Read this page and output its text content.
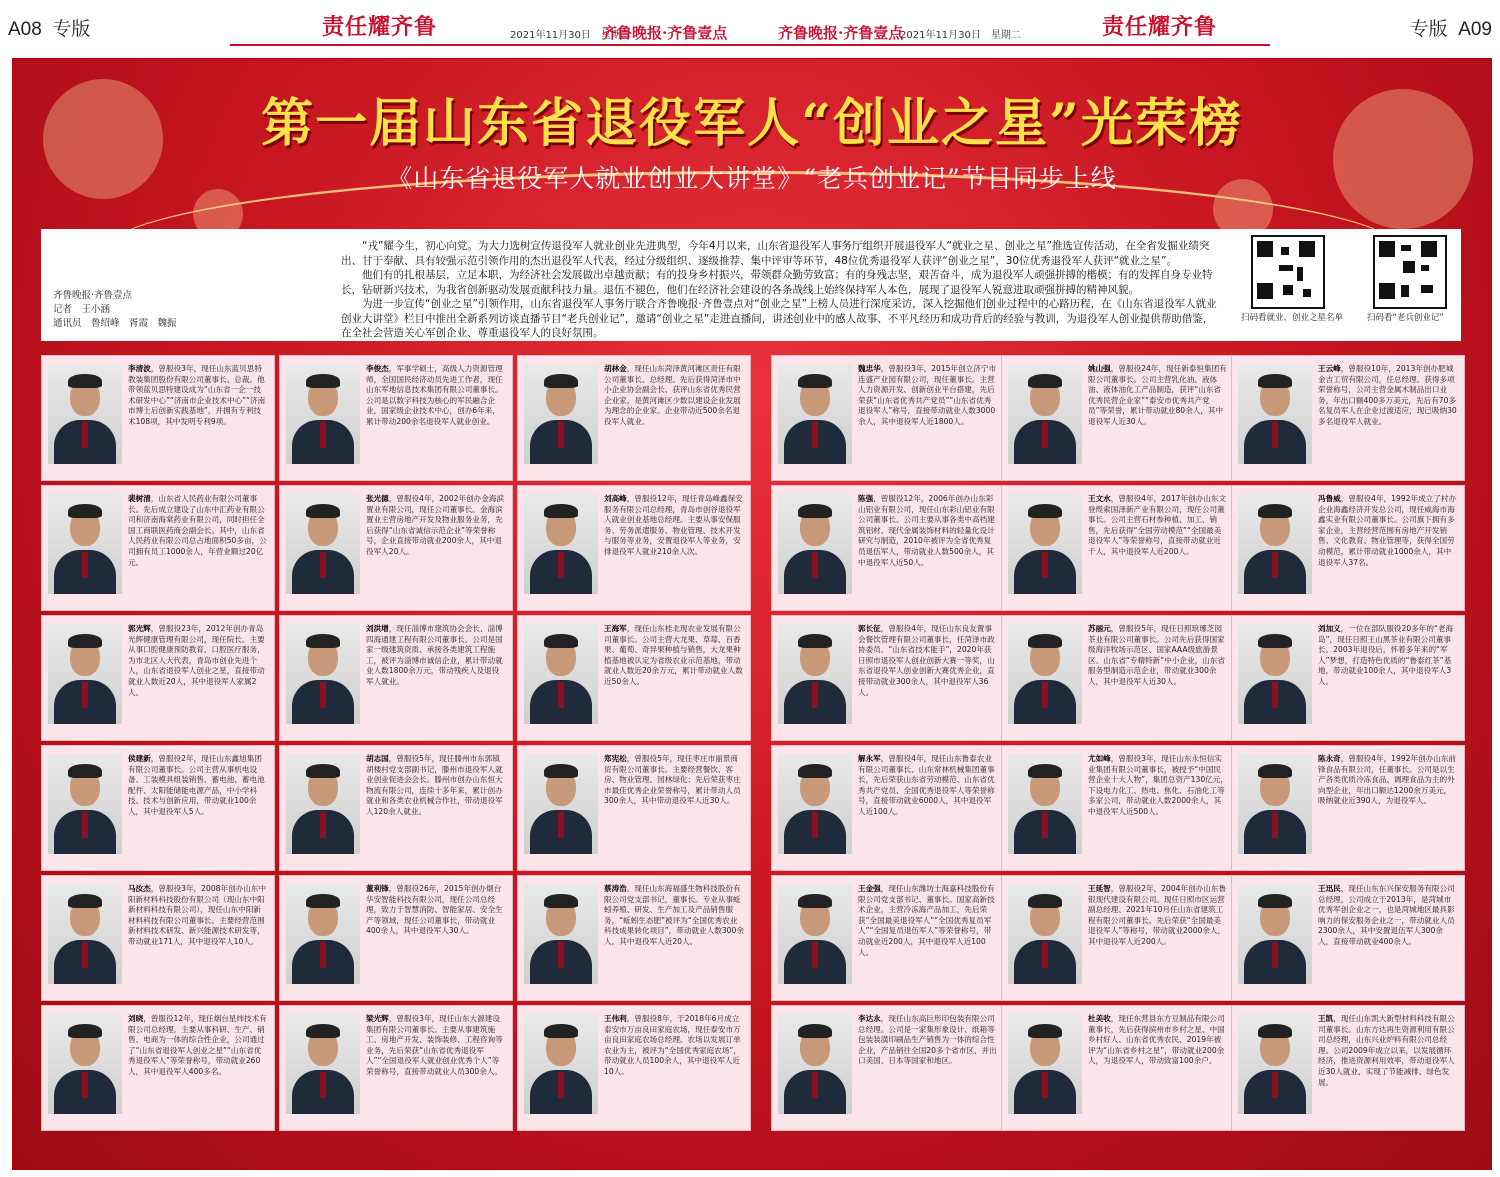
A08 专版	责任耀齐鲁	2021年11月30日　星期二
齐鲁晚报·齐鲁壹点	齐鲁晚报·齐鲁壹点
2021年11月30日　星期二	责任耀齐鲁	专版 A09
第一届山东省退役军人“创业之星”光荣榜
《山东省退役军人就业创业大讲堂》“老兵创业记”节目同步上线
齐鲁晚报·齐鲁壹点
记者　王小涵
通讯员　鲁绍峰　胥霞　魏振

“戎”耀今生，初心向党。为大力选树宣传退役军人就业创业先进典型，今年4月以来，山东省退役军人事务厅组织开展退役军人“就业之星、创业之星”推选宣传活动，在全省发掘业绩突出、甘于奉献、具有较强示范引领作用的杰出退役军人代表，经过分级组织、逐级推荐、集中评审等环节，48位优秀退役军人获评“创业之星”，30位优秀退役军人获评“就业之星”。

他们有的扎根基层，立足本职，为经济社会发展做出卓越贡献；有的投身乡村振兴，带领群众勤劳致富；有的身残志坚，艰苦奋斗，成为退役军人顽强拼搏的楷模；有的发挥自身专业特长，钻研新兴技术，为我省创新驱动发展贡献科技力量。退伍不褪色，他们在经济社会建设的各条战线上始终保持军人本色，展现了退役军人锐意进取顽强拼搏的精神风貌。

为进一步宣传“创业之星”引领作用，山东省退役军人事务厅联合齐鲁晚报·齐鲁壹点对“创业之星”上榜人员进行深度采访，深入挖掘他们创业过程中的心路历程，在《山东省退役军人就业创业大讲堂》栏目中推出全新系列访谈直播节目“老兵创业记”，邀请“创业之星”走进直播间，讲述创业中的感人故事、不平凡经历和成功背后的经验与教训，为退役军人创业提供帮助借鉴，在全社会营造关心军创企业、尊重退役军人的良好氛围。

扫码看就业、创业之星名单	扫码看“老兵创业记”
李清波，曾服役3年，现任山东蓝贝思特教装集团股份有限公司董事长、总裁。他带领蓝贝思特建设成为“山东省一企一技术研发中心”“济南市企业技术中心”“济南市博士后创新实践基地”，并拥有专利技术108项，其中发明专利9项。
李俊杰，军事学硕士，高级人力资源管理师，全国国民经济动员先进工作者，现任山东军地信息技术集团有限公司董事长。公司是以数字科技为核心的军民融合企业，国家级企业技术中心，创办6年来，累计带动200余名退役军人就业创业。
胡林金，现任山东菏泽黄河滩区责任有限公司董事长、总经理。先后获得菏泽市中小企业协会副会长、获评山东省优秀民营企业家，是黄河滩区少数以建设企业发展为理念的企业家。企业带动近500余名退役军人就业。
魏忠华，曾服役3年，2015年创立济宁市连盛产业园有限公司，现任董事长。主营人力资源开发、创新创业平台搭建，先后荣获“山东省优秀共产党员”“山东省优秀退役军人”称号，直接带动就业人数3000余人，其中退役军人近1800人。
姚山强，曾服役24年，现任新泰恒集团有限公司董事长。公司主营乳化油、液体油、液体油化工产品制造，获评“山东省优秀民营企业家”“泰安市优秀共产党员”等荣誉，累计带动就业80余人，其中退役军人近30人。
王云峰，曾服役10年，2013年创办肥城金吉工贸有限公司，任总经理。获得多项荣誉称号，公司主营金属木制品出口业务，年出口额400多万美元，先后有70多名复员军人在企业过渡适应，现已吸纳30多名退役军人就业。
裴树清，山东省人民药业有限公司董事长。先后成立建设了山东中汇药业有限公司和济南海棠药业有限公司，同时担任全国工商联医药商会副会长。其中，山东省人民药业有限公司总占地面积50多亩，公司拥有员工1000余人，年营业额过20亿元。
张光德，曾服役4年，2002年创办金海滨置业有限公司，现任公司董事长。金海滨置业主营房地产开发及物业服务业务，先后获得“山东省诚信示范企业”等荣誉称号，企业直接带动就业200余人，其中退役军人20人。
刘高峰，曾服役12年，现任青岛峰鑫保安服务有限公司总经理，青岛市创谷退役军人就业创业基地总经理。主要从事安保服务、劳务派遣服务、物业管理、技术开发与服务等业务，安置退役军人等业务，安排退役军人就业210余人次。
陈强，曾服役12年，2006年创办山东彩山铝业有限公司，现任山东彩山铝业有限公司董事长。公司主要从事各类中高档建筑铝材、现代金属装饰材料的轻量化设计研究与制造，2010年被评为全省优秀复员退伍军人，带动就业人数500余人，其中退役军人近50人。
王文水，曾服役4年，2017年创办山东文登缆索国泽新产业有限公司，现任公司董事长。公司主营石材参种植、加工、销售，先后获得“全国劳动模范”“全国最美退役军人”等荣誉称号，直接带动就业近千人，其中退役军人近200人。
冯鲁威，曾服役4年，1992年成立了村办企业海鑫经济开发总公司，现任威海市海鑫实业有限公司董事长。公司旗下拥有多家企业，主营经营范围有房地产开发销售、文化教育、物业管理等，获得全国劳动模范，累计带动就业1000余人，其中退役军人37名。
郭光辉，曾服役23年，2012年创办青岛光辉健康管理有限公司，现任院长。主要从事口腔健康预防教育、口腔医疗服务，为市北区人大代表，青岛市创业先进个人，山东省退役军人创业之星，直接带动就业人数近20人，其中退役军人家属2人。
刘洪增，现任淄博市建筑协会会长、淄博四海通建工程有限公司董事长。公司是国家一级建筑资质、承接各类建筑工程施工，被评为淄博市诚信企业，累计带动就业人数1800余万元，带动残疾人及退役军人就业。
王海军，现任山东桂北现农业发展有限公司董事长。公司主营大龙果、草莓、百香果、葡萄、奇异果种植与销售，大龙果种植基地被认定为省级农业示范基地，带动就业人数近20余万元，累计带动就业人数近50余人。
郭长征，曾服役4年，现任山东良友置事会餐饮管理有限公司董事长，任菏泽市政协委员。“山东省技术能手”，2020年获日照市退役军人创业创新大赛一等奖，山东省退役军人创业创新大赛优秀企业，直接带动就业300余人，其中退役军人36人。
苏丽元，曾服役5年，现任日照琅琊芝园茶业有限公司董事长。公司先后获得国家级海洋牧场示范区、国家AAA级旅游景区、山东省“专精特新”中小企业，山东省服务型制造示范企业，带动就业300余人，其中退役军人近30人。
刘加义，一位在部队服役20多年的“老海岛”，现任日照王山黑茶业有限公司董事长。2003年退役后，怀着多年来的“军人”梦想，打造特色优质的“鲁泰红茶”基地，带动就业100余人，其中退役军人3人。
侯建新，曾服役2年，现任山东鑫旭集团有限公司董事长。公司主营从事机电设备、工装模具组装销售、蓄电池、蓄电池配件、太阳能储能电源产品，中小学科技、技术与创新应用，带动就业100余人，其中退役军人5人。
胡志国，曾服役5年，现任滕州市东郭镇胡楼村党支部副书记，滕州市退役军人就业创业促进会会长。滕州市创办山东恒大物流有限公司，连续十多年来，累计创办就业和各类农业机械合作社，带动退役军人120余人就业。
郑宪松，曾服役5年，现任枣庄市丽景商贸有限公司董事长。主要经营餐饮、客房、物业管理、园林绿化；先后荣获枣庄市最佳优秀企业荣誉称号，累计带动人员300余人，其中带动退役军人近30人。
解永军，曾服役4年，现任山东鲁泰农业有限公司董事长、山东常林机械集团董事长，先后荣获山东省劳动模范、山东省优秀共产党员、全国优秀退役军人等荣誉称号，直接带动就业6000人，其中退役军人近100人。
尤如峰，曾服役3年，现任山东永恒信实业集团有限公司董事长，被授予“中国民营企业十大人物”，集团总资产130亿元，下设电力化工、热电、焦化、石油化工等多家公司，带动就业人数2000余人，其中退役军人近500人。
陈永奇，曾服役4年，1992年创办山东前锋食品有限公司，任董事长。公司是以生产各类优质冷冻食品、调理食品为主的外向型企业，年出口额达1200余万美元，吸纳就业近390人，为退役军人。
马汝杰，曾服役3年，2008年创办山东中阳新材料科技股份有限公司（现山东中阳新材料科技有限公司），现任山东中阳新材料科技有限公司董事长。主要经营范围新材料技术研发、新兴能源技术研发等，带动就业171人，其中退役军人10人。
董利锋，曾服役26年，2015年创办烟台华安智能科技有限公司，现任公司总经理，致力于智慧消防、智能家居、安全生产等领域，现任公司董事长，带动就业400余人，其中退役军人30人。
蔡涛浩，现任山东海福盛生物科技股份有限公司党支部书记，董事长。专业从事蚯蚓养殖、研发、生产加工及产品销售服务，“蚯蚓生态肥”被评为“全国优秀农业科技成果转化项目”，带动就业人数300余人，其中退役军人近20人。
王金强，现任山东潍坊士海嘉科技股份有限公司党支部书记、董事长。国家高新技术企业，主营冷冻海产品加工，先后荣获“全国最美退役军人”“全国优秀复员军人”“全国复员退伍军人”等荣誉称号，带动就业近200人，其中退役军人近100人。
王延智，曾服役2年，2004年创办山东鲁银现代建设有限公司。现任日照市区运营副总经理、2021年10月任山东省建筑工程有限公司董事长。先后荣获“全国最美退役军人”等称号，带动就业2000余人，其中退役军人近200人。
王迅民，现任山东东兴保安服务有限公司总经理，公司成立于2013年，是菏城市优秀军创企业之一，也是菏城地区最具影响力的保安服务企业之一，带动就业人员2300余人，其中安置退伍军人300余人，直接带动就业400余人。
刘晓，曾服役12年，现任烟台星纬技术有限公司总经理。主要从事科研、生产、销售、电商为一体的综合性企业，公司通过了“山东省退役军人创业之星”“山东省优秀退役军人”等荣誉称号，带动就业260人，其中退役军人400多名。
梁光辉，曾服役3年，现任山东大源建设集团有限公司董事长。主要从事建筑施工、房地产开发、装饰装修、工程咨询等业务，先后荣获“山东省优秀退役军人”“全国退役军人就业创业优秀个人”等荣誉称号，直接带动就业人员300余人。
王伟利，曾服役8年，于2018年6月成立泰安市万亩良田家庭农场，现任泰安市万亩良田家庭农场总经理。农场以发展订单农业为主，被评为“全国优秀家庭农场”，带动就业人员100余人，其中退役军人近10人。
李达永，现任山东高巨形印包装有限公司总经理。公司是一家集形象设计、纸箱等包装装潢印刷品生产销售为一体的综合性企业，产品销往全国20多个省市区，并出口美国、日本等国家和地区。
杜美收，现任东营县东方豆制品有限公司董事长，先后获得滨州市乡村之星、中国乡村好人、山东省优秀农民、2019年被评为“山东省乡村之星”，带动就业200余人，为退役军人，带动致富100余户。
王凯，现任山东凯大新型材料科技有限公司董事长。山东方达再生资源利用有限公司总经理，山东兴业炉料有限公司总经理。公司2009年成立以来，以发展循环经济，推进资源利用效率，带动退役军人近30人就业，实现了节能减排、绿色发展。
